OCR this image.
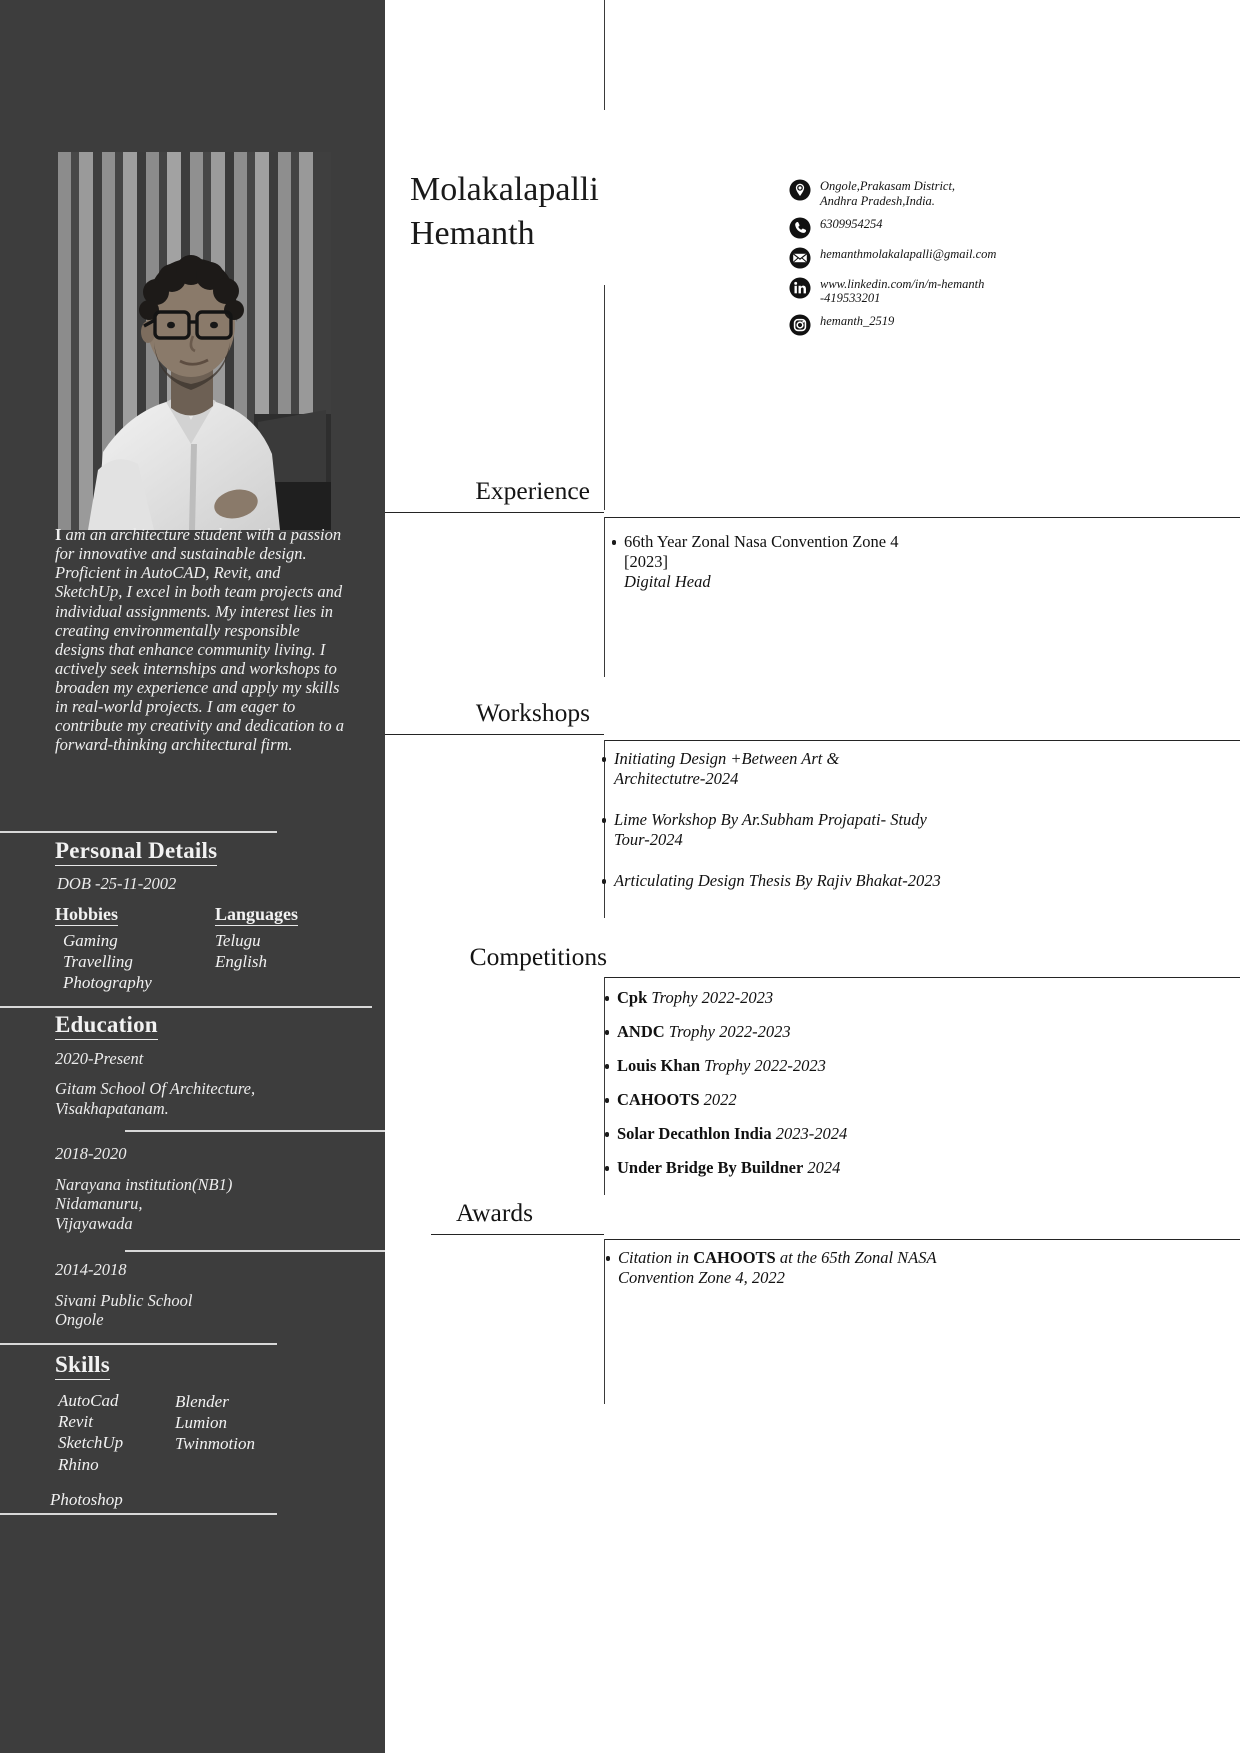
I am an architecture student with a passion for innovative and sustainable design. Proficient in AutoCAD, Revit, and SketchUp, I excel in both team projects and individual assignments. My interest lies in creating environmentally responsible designs that enhance community living. I actively seek internships and workshops to broaden my experience and apply my skills in real-world projects. I am eager to contribute my creativity and dedication to a forward-thinking architectural firm.
Personal Details
DOB -25-11-2002
Hobbies
Gaming
Travelling
Photography
Languages
Telugu
English
Education
2020-Present
Gitam School Of Architecture,
Visakhapatanam.
2018-2020
Narayana institution(NB1)
Nidamanuru,
Vijayawada
2014-2018
Sivani Public School
Ongole
Skills
AutoCad
Revit
SketchUp
Rhino
Blender
Lumion
Twinmotion
Photoshop
Molakalapalli
Hemanth
Ongole,Prakasam District,
Andhra Pradesh,India.
6309954254
hemanthmolakalapalli@gmail.com
www.linkedin.com/in/m-hemanth
-419533201
hemanth_2519
Experience
66th Year Zonal Nasa Convention Zone 4
[2023]
Digital Head
Workshops
Initiating Design +Between Art &
Architectutre-2024
Lime Workshop By Ar.Subham Projapati- Study
Tour-2024
Articulating Design Thesis By Rajiv Bhakat-2023
Competitions
Cpk Trophy 2022-2023
ANDC Trophy 2022-2023
Louis Khan Trophy 2022-2023
CAHOOTS 2022
Solar Decathlon India 2023-2024
Under Bridge By Buildner 2024
Awards
Citation in CAHOOTS at the 65th Zonal NASA
Convention Zone 4, 2022
